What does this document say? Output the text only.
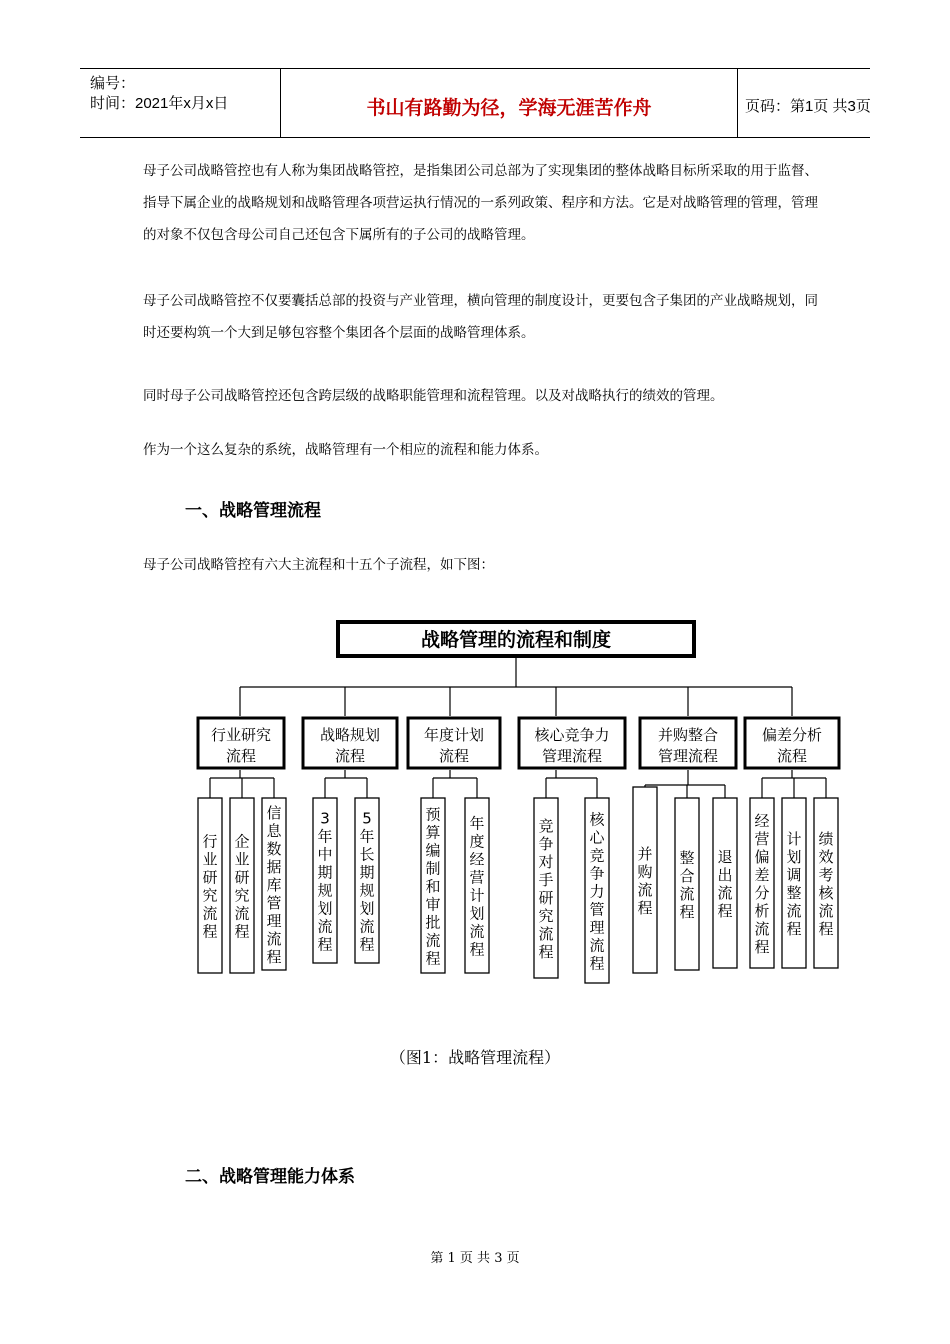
编号：
时间：2021年x月x日	书山有路勤为径，学海无涯苦作舟	页码：第1页 共3页

母子公司战略管控也有人称为集团战略管控，是指集团公司总部为了实现集团的整体战略目标所采取的用于监督、指导下属企业的战略规划和战略管理各项营运执行情况的一系列政策、程序和方法。它是对战略管理的管理，管理的对象不仅包含母公司自己还包含下属所有的子公司的战略管理。

母子公司战略管控不仅要囊括总部的投资与产业管理，横向管理的制度设计，更要包含子集团的产业战略规划，同时还要构筑一个大到足够包容整个集团各个层面的战略管理体系。

同时母子公司战略管控还包含跨层级的战略职能管理和流程管理。以及对战略执行的绩效的管理。

作为一个这么复杂的系统，战略管理有一个相应的流程和能力体系。

一、战略管理流程

母子公司战略管控有六大主流程和十五个子流程，如下图：

战略管理的流程和制度
行业研究
流程
行业研究流程
企业研究流程
信息数据库管理流程
战略规划
流程
3 年中期规划流程
5 年长期规划流程
年度计划
流程
预算编制和审批流程
年度经营计划流程
核心竞争力
管理流程
竞争对手研究流程
核心竞争力管理流程
并购整合
管理流程
并购流程
整合流程
退出流程
偏差分析
流程
经营偏差分析流程
计划调整流程
绩效考核流程
（图1：战略管理流程）
二、战略管理能力体系
第 1 页 共 3 页
